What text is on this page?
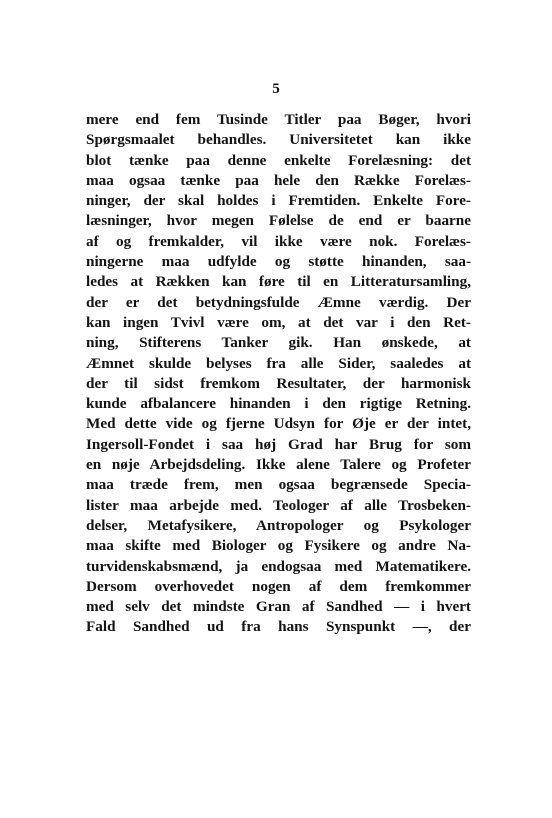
5
mere end fem Tusinde Titler paa Bøger, hvori
Spørgsmaalet behandles. Universitetet kan ikke
blot tænke paa denne enkelte Forelæsning: det
maa ogsaa tænke paa hele den Række Forelæs-
ninger, der skal holdes i Fremtiden. Enkelte Fore-
læsninger, hvor megen Følelse de end er baarne
af og fremkalder, vil ikke være nok. Forelæs-
ningerne maa udfylde og støtte hinanden, saa-
ledes at Rækken kan føre til en Litteratursamling,
der er det betydningsfulde Æmne værdig. Der
kan ingen Tvivl være om, at det var i den Ret-
ning, Stifterens Tanker gik. Han ønskede, at
Æmnet skulde belyses fra alle Sider, saaledes at
der til sidst fremkom Resultater, der harmonisk
kunde afbalancere hinanden i den rigtige Retning.
Med dette vide og fjerne Udsyn for Øje er der intet,
Ingersoll-Fondet i saa høj Grad har Brug for som
en nøje Arbejdsdeling. Ikke alene Talere og Profeter
maa træde frem, men ogsaa begrænsede Specia-
lister maa arbejde med. Teologer af alle Trosbeken-
delser, Metafysikere, Antropologer og Psykologer
maa skifte med Biologer og Fysikere og andre Na-
turvidenskabsmænd, ja endogsaa med Matematikere.
Dersom overhovedet nogen af dem fremkommer
med selv det mindste Gran af Sandhed — i hvert
Fald Sandhed ud fra hans Synspunkt —, der
